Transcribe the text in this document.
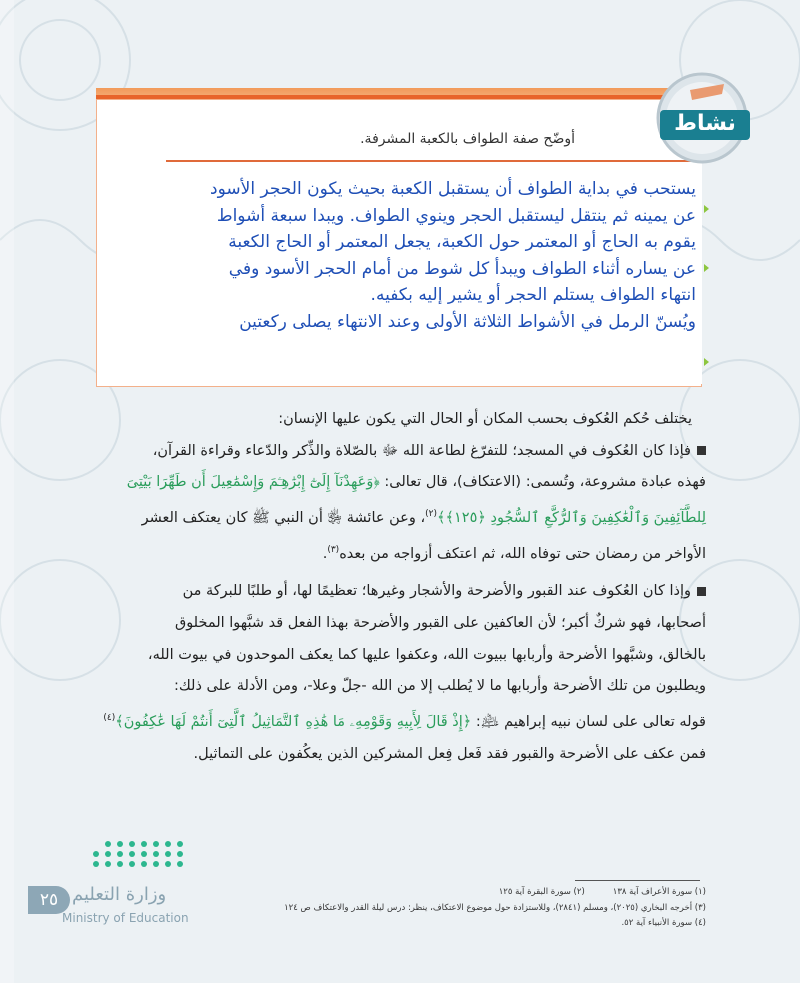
نشاط
أوضّح صفة الطواف بالكعبة المشرفة.

يستحب في بداية الطواف أن يستقبل الكعبة بحيث يكون الحجر الأسود

عن يمينه ثم ينتقل ليستقبل الحجر وينوي الطواف. ويبدا سبعة أشواط

يقوم به الحاج أو المعتمر حول الكعبة، يجعل المعتمر أو الحاج الكعبة

عن يساره أثناء الطواف ويبدأ كل شوط من أمام الحجر الأسود وفي

انتهاء الطواف يستلم الحجر أو يشير إليه بكفيه.

ويُسنّ الرمل في الأشواط الثلاثة الأولى وعند الانتهاء يصلى ركعتين

يختلف حُكم العُكوف بحسب المكان أو الحال التي يكون عليها الإنسان:

فإذا كان العُكوف في المسجد؛ للتفرّغ لطاعة الله ﷻ بالصّلاة والذِّكر والدّعاء وقراءة القرآن،

فهذه عبادة مشروعة، وتُسمى: (الاعتكاف)، قال تعالى: ﴿وَعَهِدْنَآ إِلَىٰٓ إِبْرَٰهِـۧمَ وَإِسْمَٰعِيلَ أَن طَهِّرَا بَيْتِىَ

لِلطَّآئِفِينَ وَٱلْعَٰكِفِينَ وَٱلرُّكَّعِ ٱلسُّجُودِ ﴿١٢٥﴾﴾$^{(٢)}$، وعن عائشة ﵂ أن النبي ﷺ كان يعتكف العشر

الأواخر من رمضان حتى توفاه الله، ثم اعتكف أزواجه من بعده$^{(٣)}$.

وإذا كان العُكوف عند القبور والأضرحة والأشجار وغيرها؛ تعظيمًا لها، أو طلبًا للبركة من

أصحابها، فهو شركٌ أكبر؛ لأن العاكفين على القبور والأضرحة بهذا الفعل قد شبَّهوا المخلوق

بالخالق، وشبَّهوا الأضرحة وأربابها ببيوت الله، وعكفوا عليها كما يعكف الموحدون في بيوت الله،

ويطلبون من تلك الأضرحة وأربابها ما لا يُطلب إلا من الله -جلّ وعلا-، ومن الأدلة على ذلك:

قوله تعالى على لسان نبيه إبراهيم ﵇: ﴿إِذْ قَالَ لِأَبِيهِ وَقَوْمِهِۦ مَا هَٰذِهِ ٱلتَّمَاثِيلُ ٱلَّتِىٓ أَنتُمْ لَهَا عَٰكِفُونَ﴾$^{(٤)}$

فمن عكف على الأضرحة والقبور فقد فَعل فِعل المشركين الذين يعكُفون على التماثيل.

(١) سورة الأعراف آية ١٣٨
(٢) سورة البقرة آية ١٢٥
(٣) أخرجه البخاري (٢٠٢٥)، ومسلم (٢٨٤١)، وللاستزادة حول موضوع الاعتكاف، ينظر: درس ليلة القدر والاعتكاف ص ١٢٤
(٤) سورة الأنبياء آية ٥٢.
٢٥ وزارة التعليم
Ministry of Education
